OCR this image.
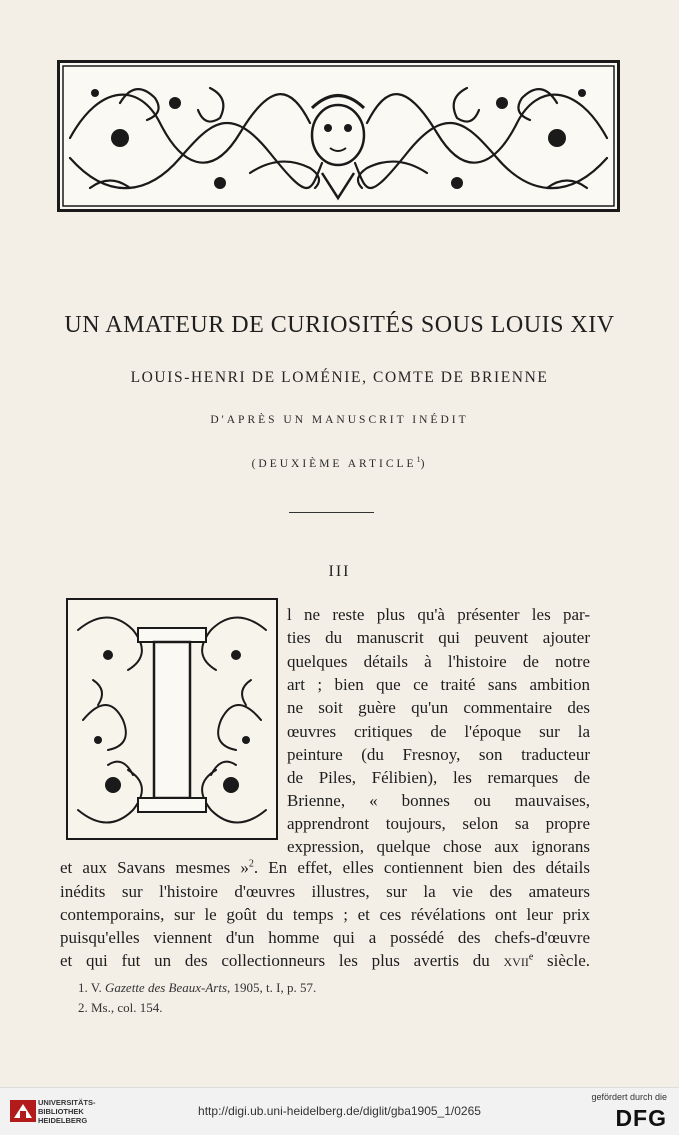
UN AMATEUR DE CURIOSITÉS SOUS LOUIS XIV
LOUIS-HENRI DE LOMÉNIE, COMTE DE BRIENNE
D'APRÈS UN MANUSCRIT INÉDIT
(DEUXIÈME ARTICLE$^1$)
III
l ne reste plus qu'à présenter les par-
ties du manuscrit qui peuvent ajouter
quelques détails à l'histoire de notre
art ; bien que ce traité sans ambition
ne soit guère qu'un commentaire des
œuvres critiques de l'époque sur la
peinture (du Fresnoy, son traducteur
de Piles, Félibien), les remarques de
Brienne, « bonnes ou mauvaises,
apprendront toujours, selon sa propre
expression, quelque chose aux ignorans
et aux Savans mesmes »$^2$. En effet, elles contiennent bien des détails
inédits sur l'histoire d'œuvres illustres, sur la vie des amateurs
contemporains, sur le goût du temps ; et ces révélations ont leur prix
puisqu'elles viennent d'un homme qui a possédé des chefs-d'œuvre
et qui fut un des collectionneurs les plus avertis du xvii$^e$ siècle.
1. V. Gazette des Beaux-Arts, 1905, t. I, p. 57.
2. Ms., col. 154.
UNIVERSITÄTS-
BIBLIOTHEK
HEIDELBERG
http://digi.ub.uni-heidelberg.de/diglit/gba1905_1/0265
gefördert durch die
DFG
